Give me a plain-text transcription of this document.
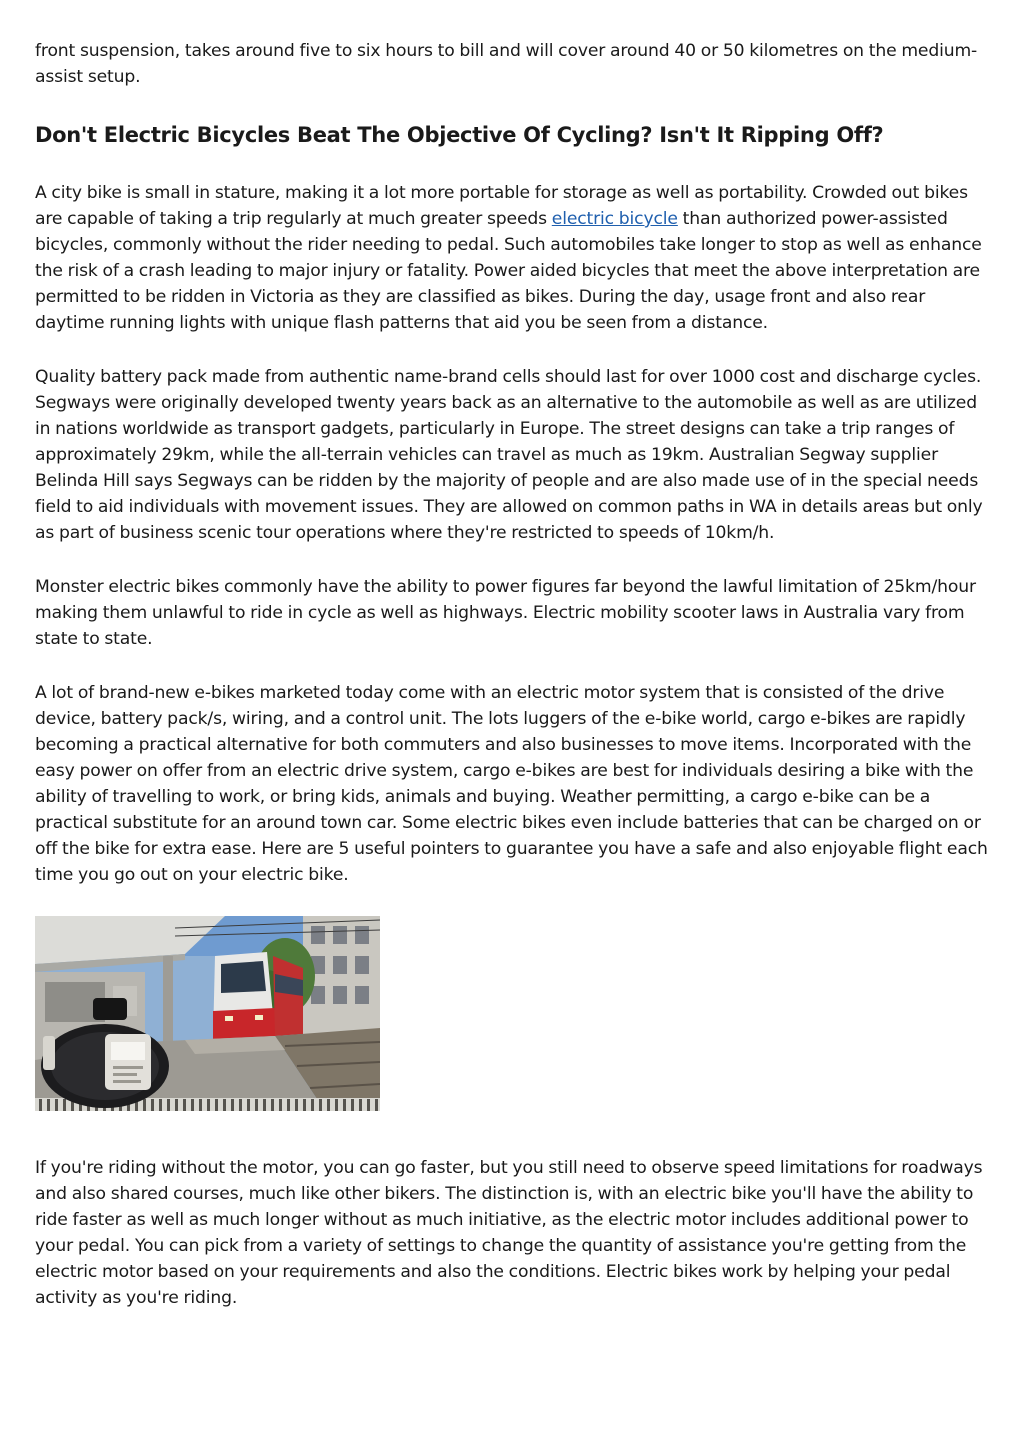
front suspension, takes around five to six hours to bill and will cover around 40 or 50 kilometres on the medium-assist setup.

Don't Electric Bicycles Beat The Objective Of Cycling? Isn't It Ripping Off?

A city bike is small in stature, making it a lot more portable for storage as well as portability. Crowded out bikes are capable of taking a trip regularly at much greater speeds electric bicycle than authorized power-assisted bicycles, commonly without the rider needing to pedal. Such automobiles take longer to stop as well as enhance the risk of a crash leading to major injury or fatality. Power aided bicycles that meet the above interpretation are permitted to be ridden in Victoria as they are classified as bikes. During the day, usage front and also rear daytime running lights with unique flash patterns that aid you be seen from a distance.

Quality battery pack made from authentic name-brand cells should last for over 1000 cost and discharge cycles. Segways were originally developed twenty years back as an alternative to the automobile as well as are utilized in nations worldwide as transport gadgets, particularly in Europe. The street designs can take a trip ranges of approximately 29km, while the all-terrain vehicles can travel as much as 19km. Australian Segway supplier Belinda Hill says Segways can be ridden by the majority of people and are also made use of in the special needs field to aid individuals with movement issues. They are allowed on common paths in WA in details areas but only as part of business scenic tour operations where they're restricted to speeds of 10km/h.

Monster electric bikes commonly have the ability to power figures far beyond the lawful limitation of 25km/hour making them unlawful to ride in cycle as well as highways. Electric mobility scooter laws in Australia vary from state to state.

A lot of brand-new e-bikes marketed today come with an electric motor system that is consisted of the drive device, battery pack/s, wiring, and a control unit. The lots luggers of the e-bike world, cargo e-bikes are rapidly becoming a practical alternative for both commuters and also businesses to move items. Incorporated with the easy power on offer from an electric drive system, cargo e-bikes are best for individuals desiring a bike with the ability of travelling to work, or bring kids, animals and buying. Weather permitting, a cargo e-bike can be a practical substitute for an around town car. Some electric bikes even include batteries that can be charged on or off the bike for extra ease. Here are 5 useful pointers to guarantee you have a safe and also enjoyable flight each time you go out on your electric bike.

If you're riding without the motor, you can go faster, but you still need to observe speed limitations for roadways and also shared courses, much like other bikers. The distinction is, with an electric bike you'll have the ability to ride faster as well as much longer without as much initiative, as the electric motor includes additional power to your pedal. You can pick from a variety of settings to change the quantity of assistance you're getting from the electric motor based on your requirements and also the conditions. Electric bikes work by helping your pedal activity as you're riding.
